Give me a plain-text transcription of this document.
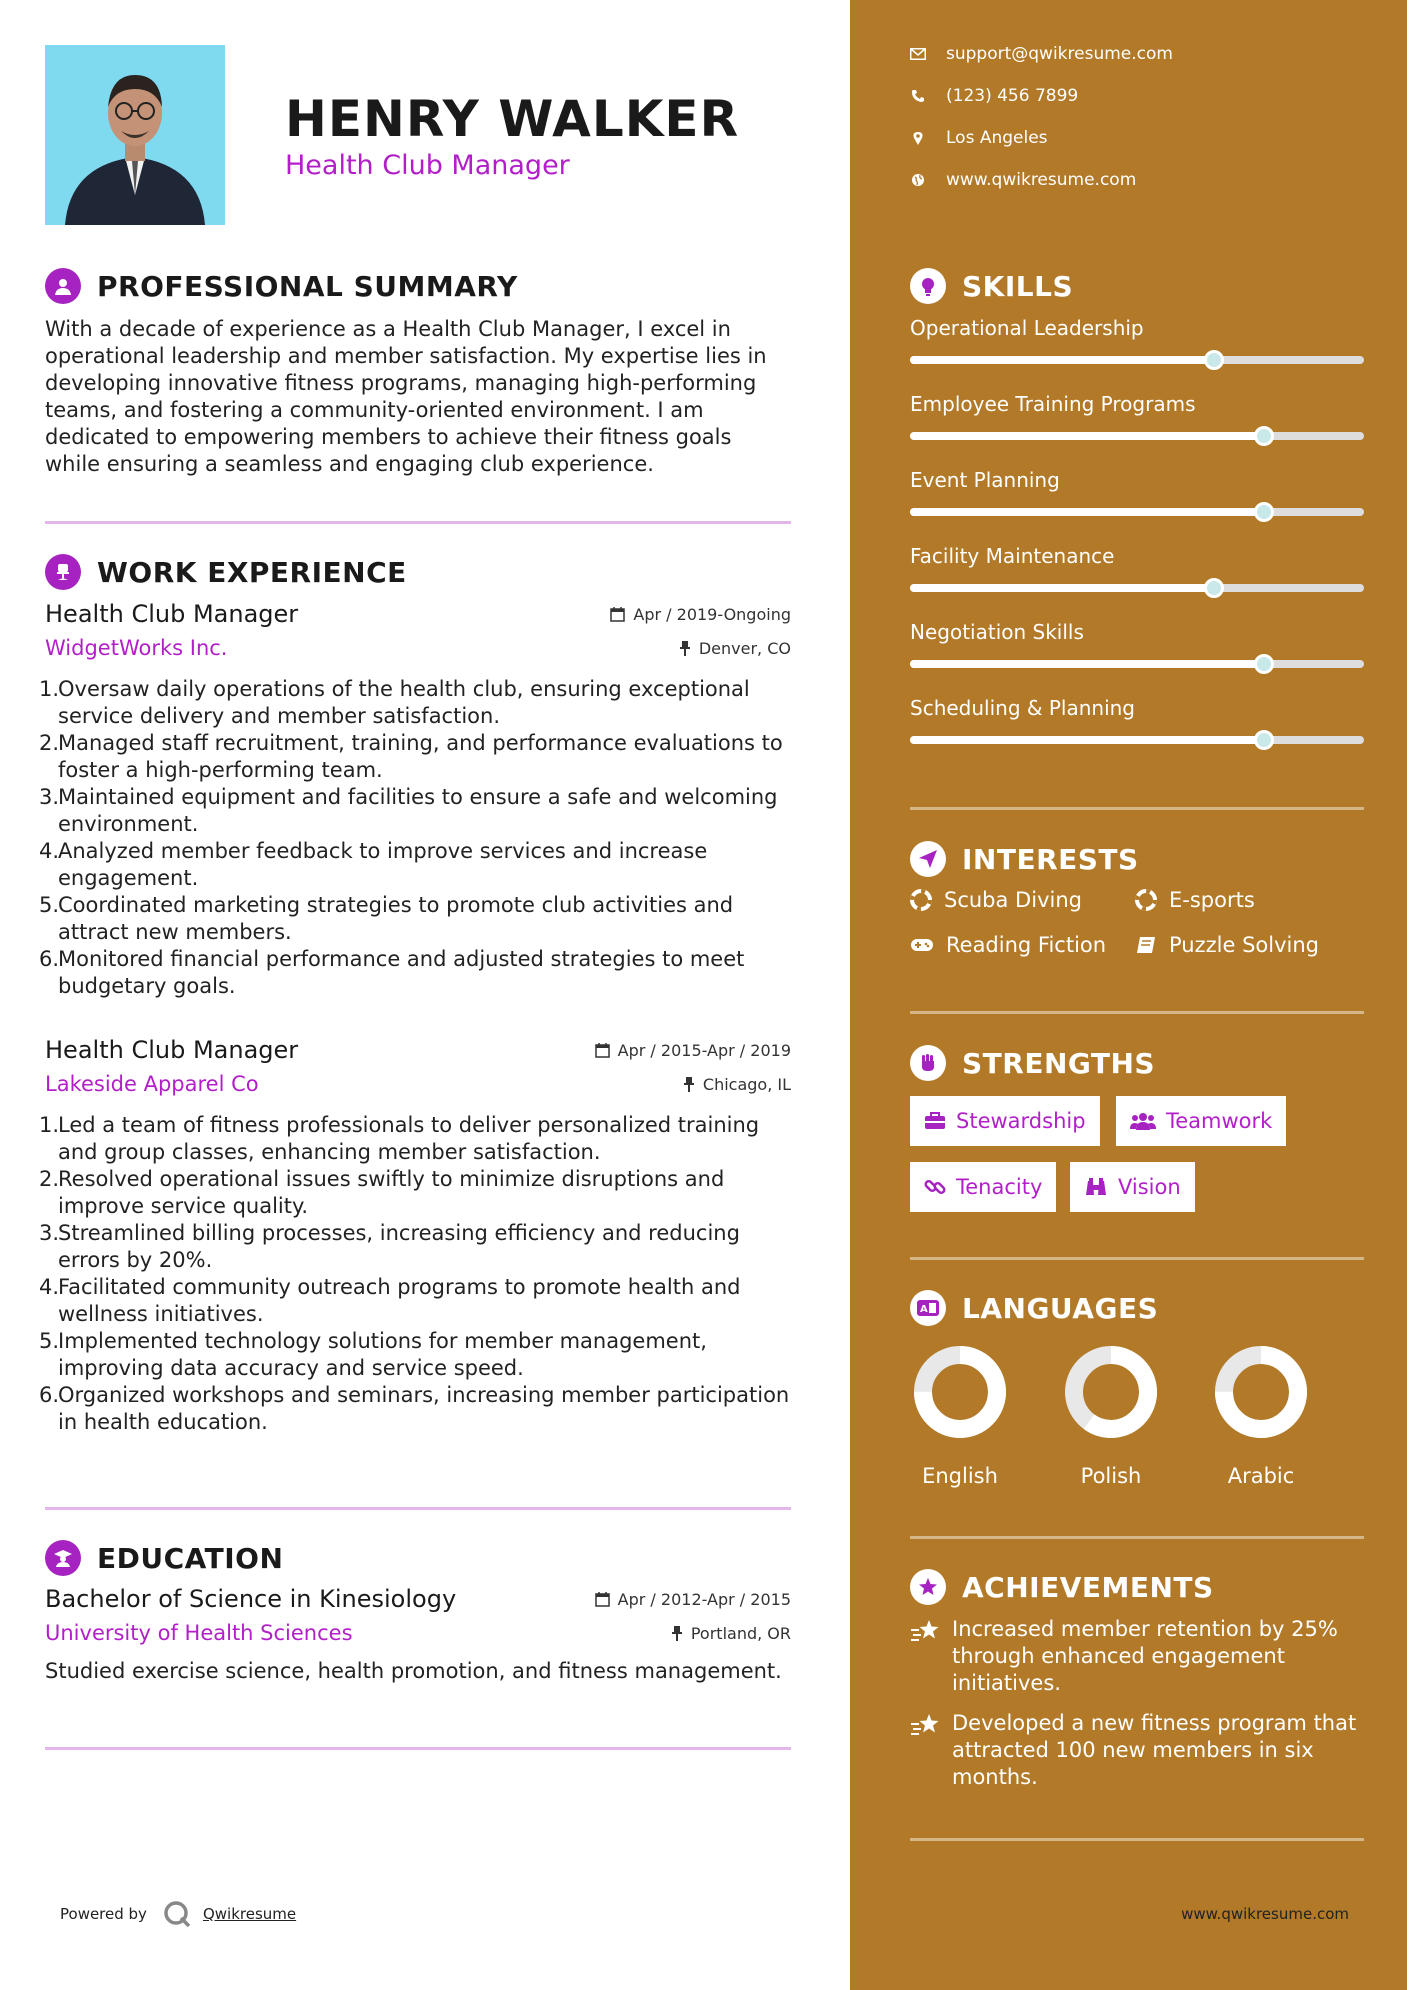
HENRY WALKER
Health Club Manager
PROFESSIONAL SUMMARY
With a decade of experience as a Health Club Manager, I excel in operational leadership and member satisfaction. My expertise lies in developing innovative fitness programs, managing high-performing teams, and fostering a community-oriented environment. I am dedicated to empowering members to achieve their fitness goals while ensuring a seamless and engaging club experience.
WORK EXPERIENCE
Health Club Manager	Apr / 2019-Ongoing
WidgetWorks Inc.	Denver, CO
1.
Oversaw daily operations of the health club, ensuring exceptional service delivery and member satisfaction.
2.
Managed staff recruitment, training, and performance evaluations to foster a high-performing team.
3.
Maintained equipment and facilities to ensure a safe and welcoming environment.
4.
Analyzed member feedback to improve services and increase engagement.
5.
Coordinated marketing strategies to promote club activities and attract new members.
6.
Monitored financial performance and adjusted strategies to meet budgetary goals.
Health Club Manager	Apr / 2015-Apr / 2019
Lakeside Apparel Co	Chicago, IL
1.
Led a team of fitness professionals to deliver personalized training and group classes, enhancing member satisfaction.
2.
Resolved operational issues swiftly to minimize disruptions and improve service quality.
3.
Streamlined billing processes, increasing efficiency and reducing errors by 20%.
4.
Facilitated community outreach programs to promote health and wellness initiatives.
5.
Implemented technology solutions for member management, improving data accuracy and service speed.
6.
Organized workshops and seminars, increasing member participation in health education.
EDUCATION
Bachelor of Science in Kinesiology	Apr / 2012-Apr / 2015
University of Health Sciences	Portland, OR
Studied exercise science, health promotion, and fitness management.
Powered by	Qwikresume
support@qwikresume.com
(123) 456 7899
Los Angeles
www.qwikresume.com
SKILLS
Operational Leadership
Employee Training Programs
Event Planning
Facility Maintenance
Negotiation Skills
Scheduling & Planning
INTERESTS
Scuba Diving	E-sports
Reading Fiction	Puzzle Solving
STRENGTHS
Stewardship	Teamwork
Tenacity	Vision
A LANGUAGES
English	Polish	Arabic
ACHIEVEMENTS
Increased member retention by 25% through enhanced engagement initiatives.
Developed a new fitness program that attracted 100 new members in six months.
www.qwikresume.com
